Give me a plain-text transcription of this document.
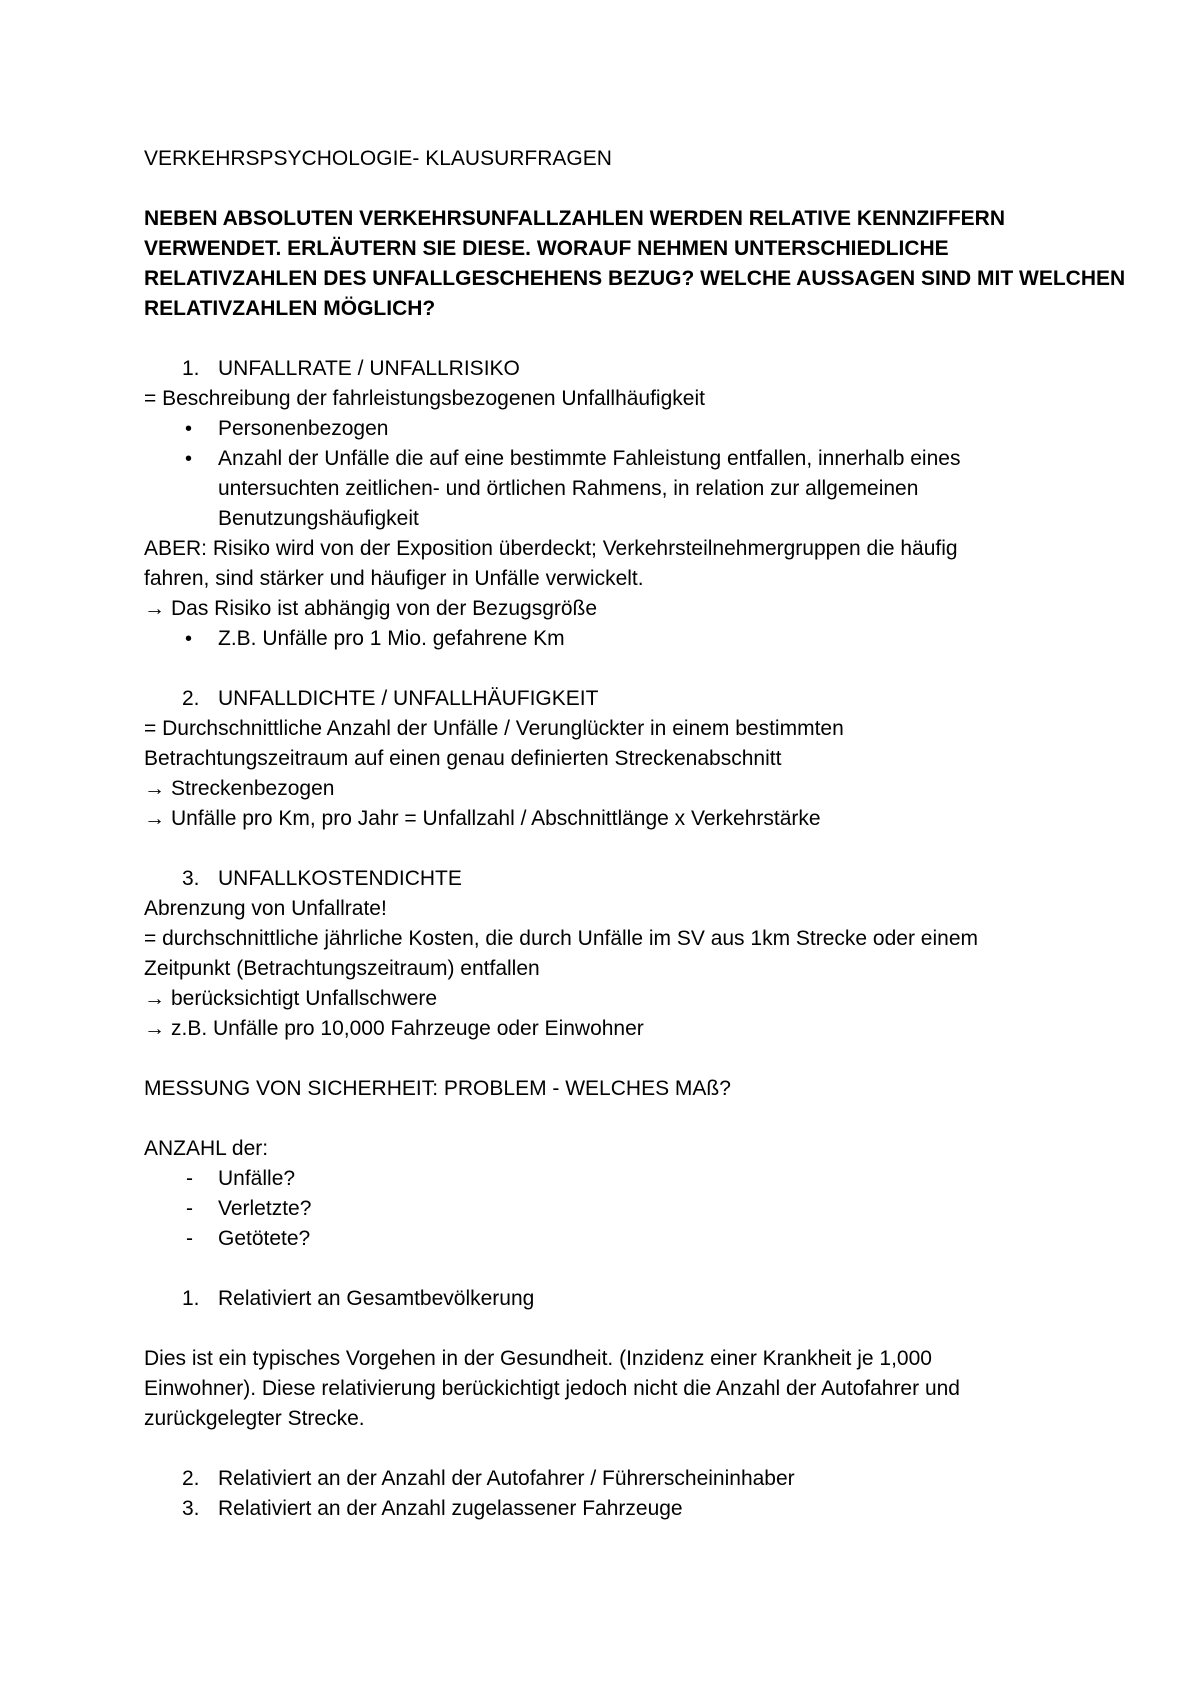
VERKEHRSPSYCHOLOGIE- KLAUSURFRAGEN

NEBEN ABSOLUTEN VERKEHRSUNFALLZAHLEN WERDEN RELATIVE KENNZIFFERN

VERWENDET. ERLÄUTERN SIE DIESE. WORAUF NEHMEN UNTERSCHIEDLICHE

RELATIVZAHLEN DES UNFALLGESCHEHENS BEZUG? WELCHE AUSSAGEN SIND MIT WELCHEN

RELATIVZAHLEN MÖGLICH?

1. UNFALLRATE / UNFALLRISIKO

= Beschreibung der fahrleistungsbezogenen Unfallhäufigkeit

• Personenbezogen

• Anzahl der Unfälle die auf eine bestimmte Fahleistung entfallen, innerhalb eines

untersuchten zeitlichen- und örtlichen Rahmens, in relation zur allgemeinen

Benutzungshäufigkeit

ABER: Risiko wird von der Exposition überdeckt; Verkehrsteilnehmergruppen die häufig

fahren, sind stärker und häufiger in Unfälle verwickelt.

→ Das Risiko ist abhängig von der Bezugsgröße

• Z.B. Unfälle pro 1 Mio. gefahrene Km

2. UNFALLDICHTE / UNFALLHÄUFIGKEIT

= Durchschnittliche Anzahl der Unfälle / Verunglückter in einem bestimmten

Betrachtungszeitraum auf einen genau definierten Streckenabschnitt

→ Streckenbezogen

→ Unfälle pro Km, pro Jahr = Unfallzahl / Abschnittlänge x Verkehrstärke

3. UNFALLKOSTENDICHTE

Abrenzung von Unfallrate!

= durchschnittliche jährliche Kosten, die durch Unfälle im SV aus 1km Strecke oder einem

Zeitpunkt (Betrachtungszeitraum) entfallen

→ berücksichtigt Unfallschwere

→ z.B. Unfälle pro 10,000 Fahrzeuge oder Einwohner

MESSUNG VON SICHERHEIT: PROBLEM - WELCHES MAß?

ANZAHL der:

- Unfälle?

- Verletzte?

- Getötete?

1. Relativiert an Gesamtbevölkerung

Dies ist ein typisches Vorgehen in der Gesundheit. (Inzidenz einer Krankheit je 1,000

Einwohner). Diese relativierung berückichtigt jedoch nicht die Anzahl der Autofahrer und

zurückgelegter Strecke.

2. Relativiert an der Anzahl der Autofahrer / Führerscheininhaber

3. Relativiert an der Anzahl zugelassener Fahrzeuge
